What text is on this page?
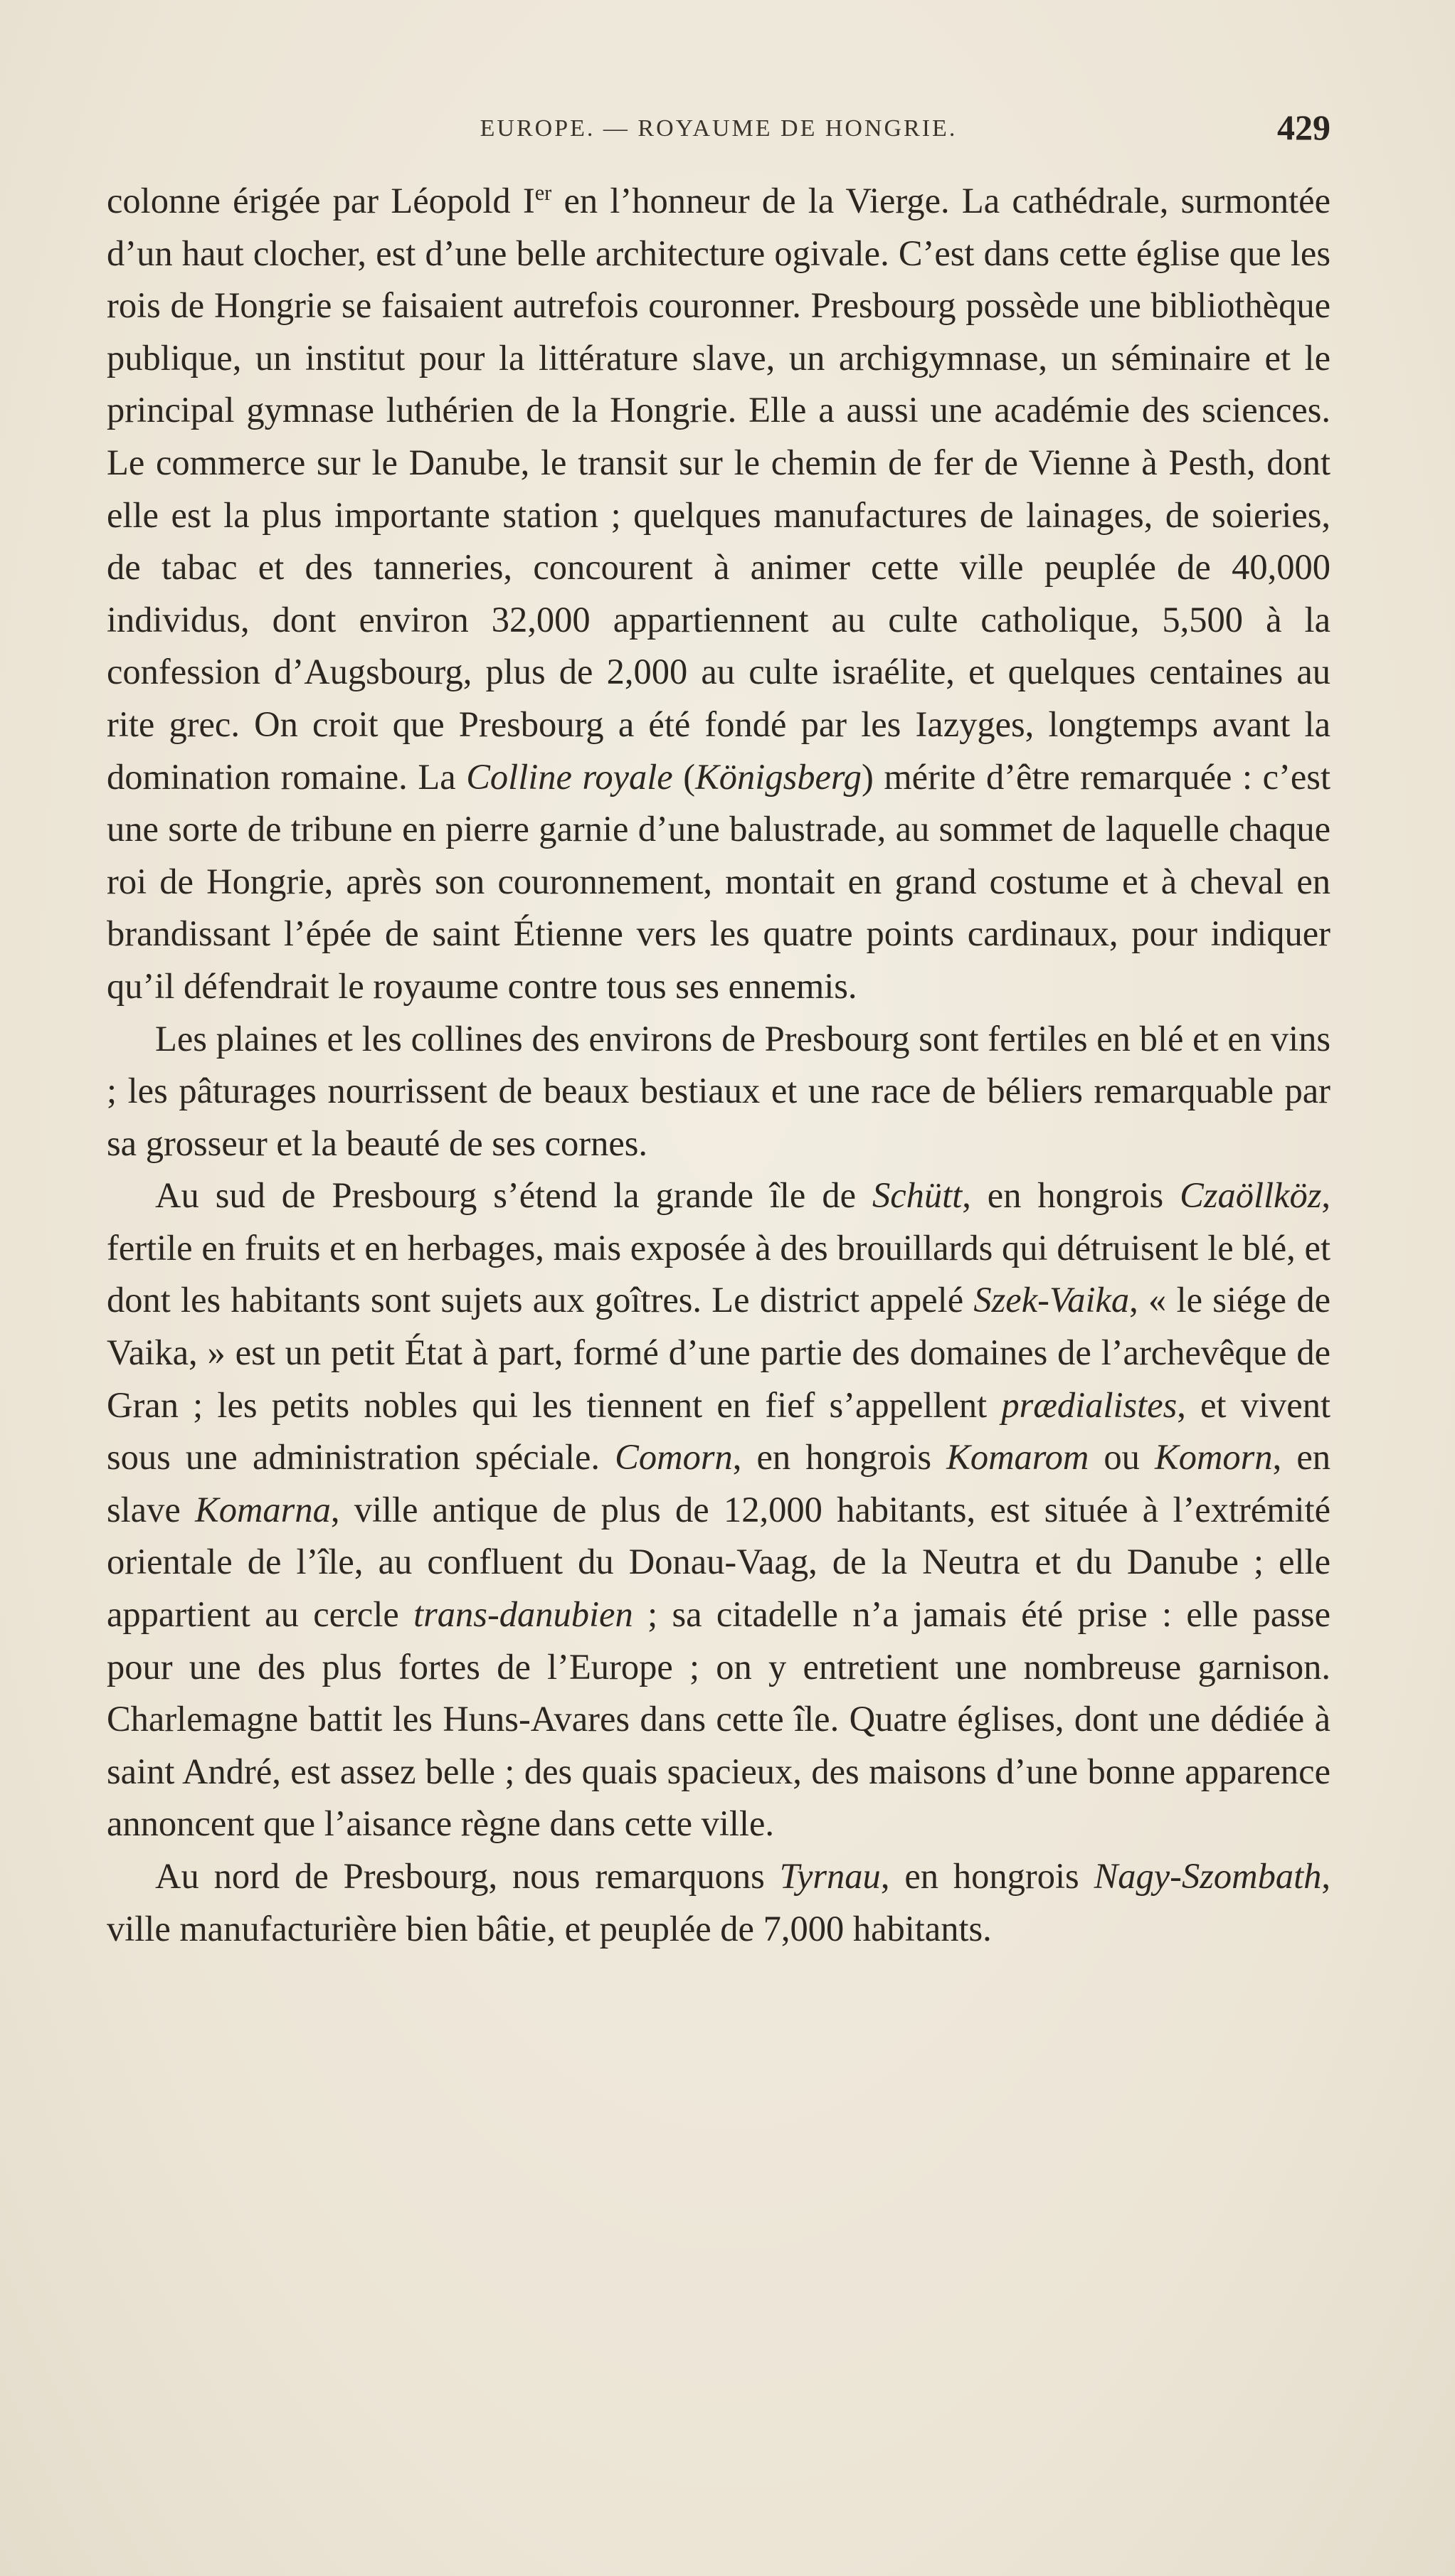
EUROPE. — ROYAUME DE HONGRIE.	429

colonne érigée par Léopold Ier en l’honneur de la Vierge. La cathédrale, surmontée d’un haut clocher, est d’une belle architecture ogivale. C’est dans cette église que les rois de Hongrie se faisaient autrefois couronner. Presbourg possède une bibliothèque publique, un institut pour la littérature slave, un archigymnase, un séminaire et le principal gymnase luthérien de la Hongrie. Elle a aussi une académie des sciences. Le commerce sur le Danube, le transit sur le chemin de fer de Vienne à Pesth, dont elle est la plus importante station ; quelques manufactures de lainages, de soieries, de tabac et des tanneries, concourent à animer cette ville peuplée de 40,000 individus, dont environ 32,000 appartiennent au culte catholique, 5,500 à la confession d’Augsbourg, plus de 2,000 au culte israélite, et quelques centaines au rite grec. On croit que Presbourg a été fondé par les Iazyges, longtemps avant la domination romaine. La Colline royale (Königsberg) mérite d’être remarquée : c’est une sorte de tribune en pierre garnie d’une balustrade, au sommet de laquelle chaque roi de Hongrie, après son couronnement, montait en grand costume et à cheval en brandissant l’épée de saint Étienne vers les quatre points cardinaux, pour indiquer qu’il défendrait le royaume contre tous ses ennemis.

Les plaines et les collines des environs de Presbourg sont fertiles en blé et en vins ; les pâturages nourrissent de beaux bestiaux et une race de béliers remarquable par sa grosseur et la beauté de ses cornes.

Au sud de Presbourg s’étend la grande île de Schütt, en hongrois Czaöllköz, fertile en fruits et en herbages, mais exposée à des brouillards qui détruisent le blé, et dont les habitants sont sujets aux goîtres. Le district appelé Szek-Vaika, « le siége de Vaika, » est un petit État à part, formé d’une partie des domaines de l’archevêque de Gran ; les petits nobles qui les tiennent en fief s’appellent prædialistes, et vivent sous une administration spéciale. Comorn, en hongrois Komarom ou Komorn, en slave Komarna, ville antique de plus de 12,000 habitants, est située à l’extrémité orientale de l’île, au confluent du Donau-Vaag, de la Neutra et du Danube ; elle appartient au cercle trans-danubien ; sa citadelle n’a jamais été prise : elle passe pour une des plus fortes de l’Europe ; on y entretient une nombreuse garnison. Charlemagne battit les Huns-Avares dans cette île. Quatre églises, dont une dédiée à saint André, est assez belle ; des quais spacieux, des maisons d’une bonne apparence annoncent que l’aisance règne dans cette ville.

Au nord de Presbourg, nous remarquons Tyrnau, en hongrois Nagy-Szombath, ville manufacturière bien bâtie, et peuplée de 7,000 habitants.
